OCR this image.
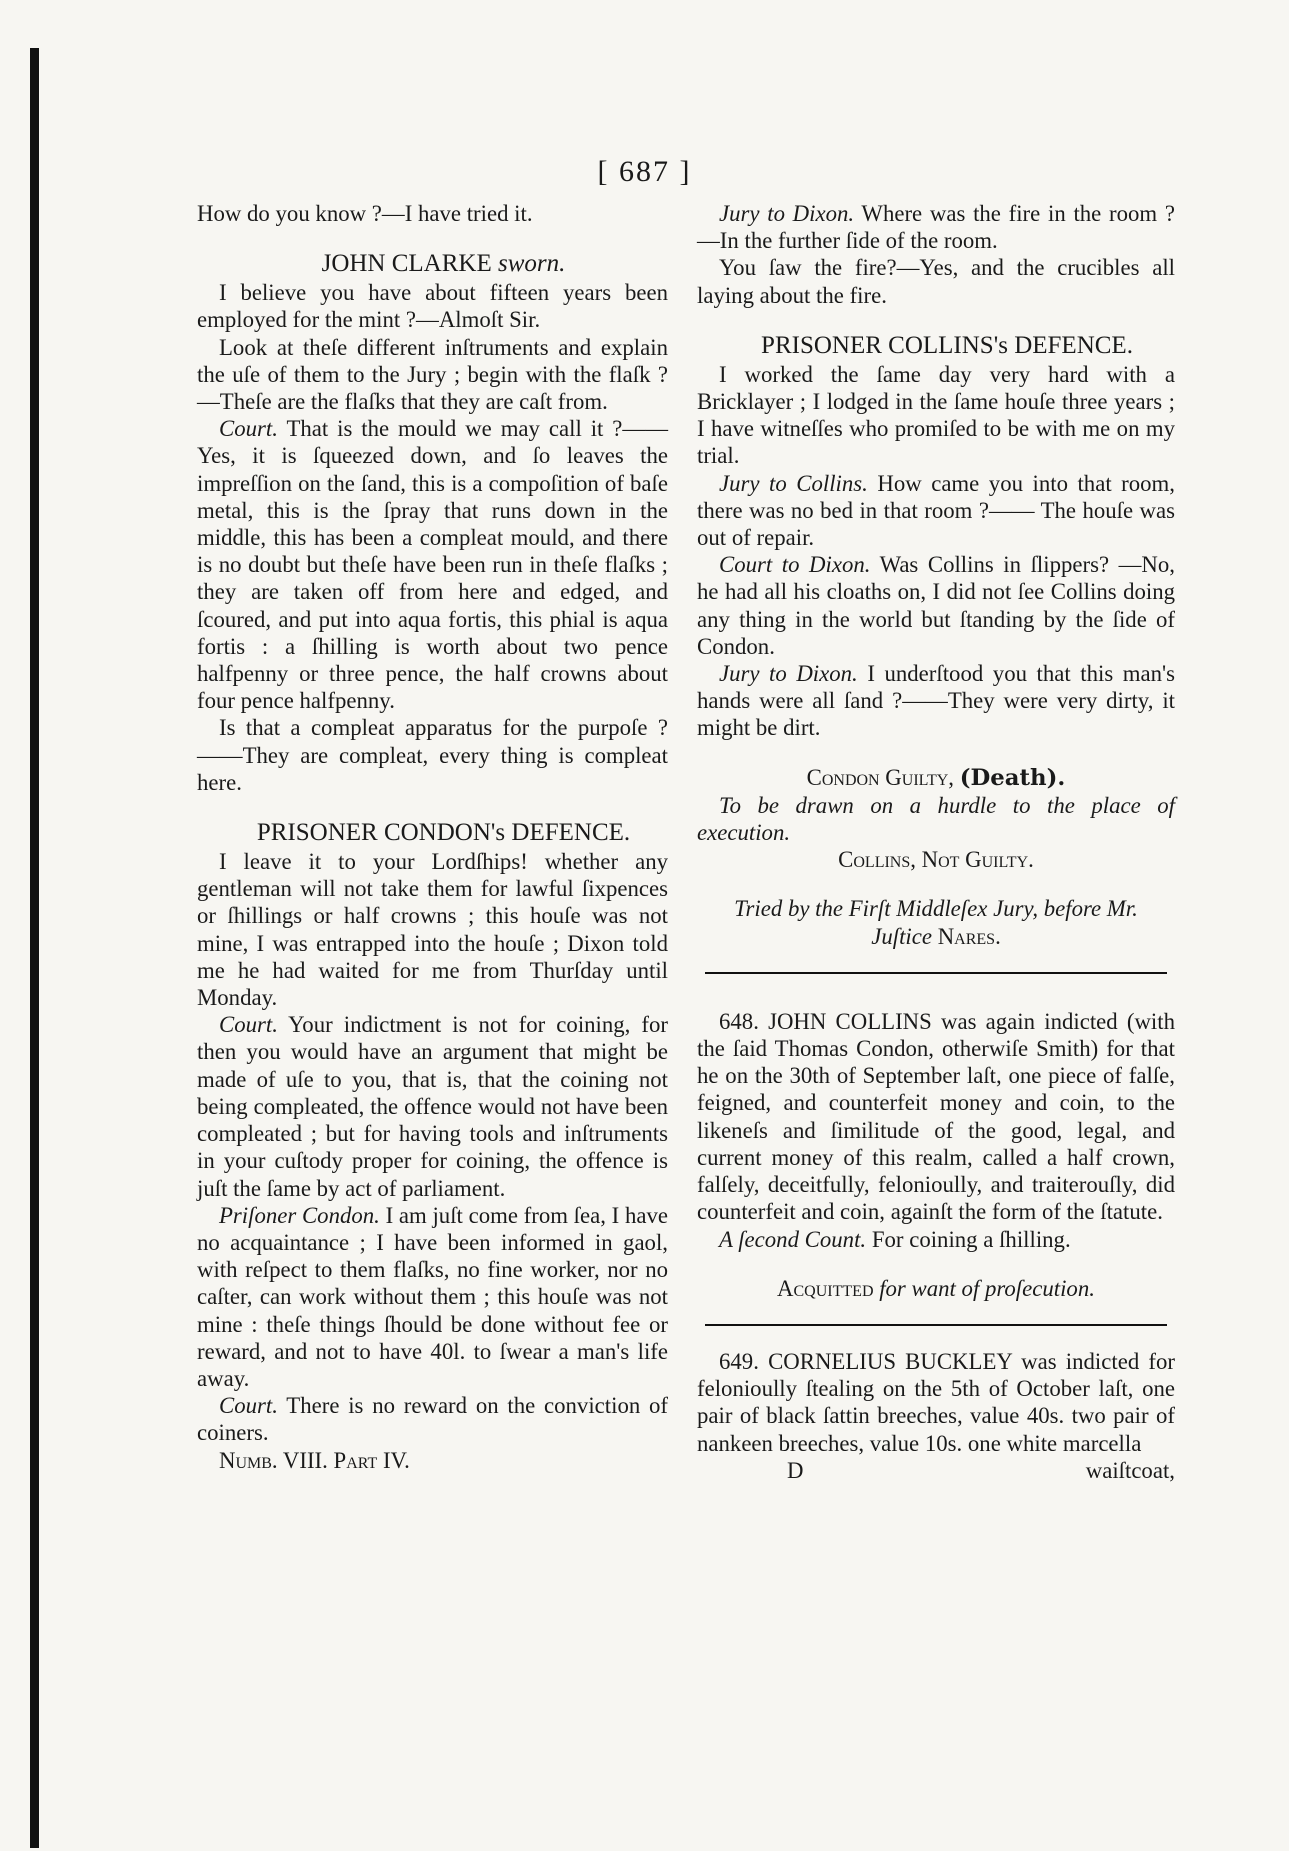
[ 687 ]

How do you know ?—I have tried it.

JOHN CLARKE sworn.

I believe you have about fifteen years been employed for the mint ?—Almoſt Sir.

Look at theſe different inſtruments and explain the uſe of them to the Jury ; begin with the flaſk ?—Theſe are the flaſks that they are caſt from.

Court. That is the mould we may call it ?——Yes, it is ſqueezed down, and ſo leaves the impreſſion on the ſand, this is a compoſition of baſe metal, this is the ſpray that runs down in the middle, this has been a compleat mould, and there is no doubt but theſe have been run in theſe flaſks ; they are taken off from here and edged, and ſcoured, and put into aqua fortis, this phial is aqua fortis : a ſhilling is worth about two pence halfpenny or three pence, the half crowns about four pence halfpenny.

Is that a compleat apparatus for the purpoſe ?——They are compleat, every thing is compleat here.

PRISONER CONDON's DEFENCE.

I leave it to your Lordſhips! whether any gentleman will not take them for lawful ſixpences or ſhillings or half crowns ; this houſe was not mine, I was entrapped into the houſe ; Dixon told me he had waited for me from Thurſday until Monday.

Court. Your indictment is not for coining, for then you would have an argument that might be made of uſe to you, that is, that the coining not being compleated, the offence would not have been compleated ; but for having tools and inſtruments in your cuſtody proper for coining, the offence is juſt the ſame by act of parliament.

Priſoner Condon. I am juſt come from ſea, I have no acquaintance ; I have been informed in gaol, with reſpect to them flaſks, no fine worker, nor no caſter, can work without them ; this houſe was not mine : theſe things ſhould be done without fee or reward, and not to have 40l. to ſwear a man's life away.

Court. There is no reward on the conviction of coiners.

Numb. VIII. Part IV.

Jury to Dixon. Where was the fire in the room ?—In the further ſide of the room.

You ſaw the fire?—Yes, and the crucibles all laying about the fire.

PRISONER COLLINS's DEFENCE.

I worked the ſame day very hard with a Bricklayer ; I lodged in the ſame houſe three years ; I have witneſſes who promiſed to be with me on my trial.

Jury to Collins. How came you into that room, there was no bed in that room ?—— The houſe was out of repair.

Court to Dixon. Was Collins in ſlippers? —No, he had all his cloaths on, I did not ſee Collins doing any thing in the world but ſtanding by the ſide of Condon.

Jury to Dixon. I underſtood you that this man's hands were all ſand ?——They were very dirty, it might be dirt.

Condon Guilty, (Death).

To be drawn on a hurdle to the place of execution.

Collins, Not Guilty.

Tried by the Firſt Middleſex Jury, before Mr.
Juſtice Nares.

648. JOHN COLLINS was again indicted (with the ſaid Thomas Condon, otherwiſe Smith) for that he on the 30th of September laſt, one piece of falſe, feigned, and counterfeit money and coin, to the likeneſs and ſimilitude of the good, legal, and current money of this realm, called a half crown, falſely, deceitfully, felonioully, and traiterouſly, did counterfeit and coin, againſt the form of the ſtatute.

A ſecond Count. For coining a ſhilling.

Acquitted for want of proſecution.

649. CORNELIUS BUCKLEY was indicted for felonioully ſtealing on the 5th of October laſt, one pair of black ſattin breeches, value 40s. two pair of nankeen breeches, value 10s. one white marcella

D	waiſtcoat,
